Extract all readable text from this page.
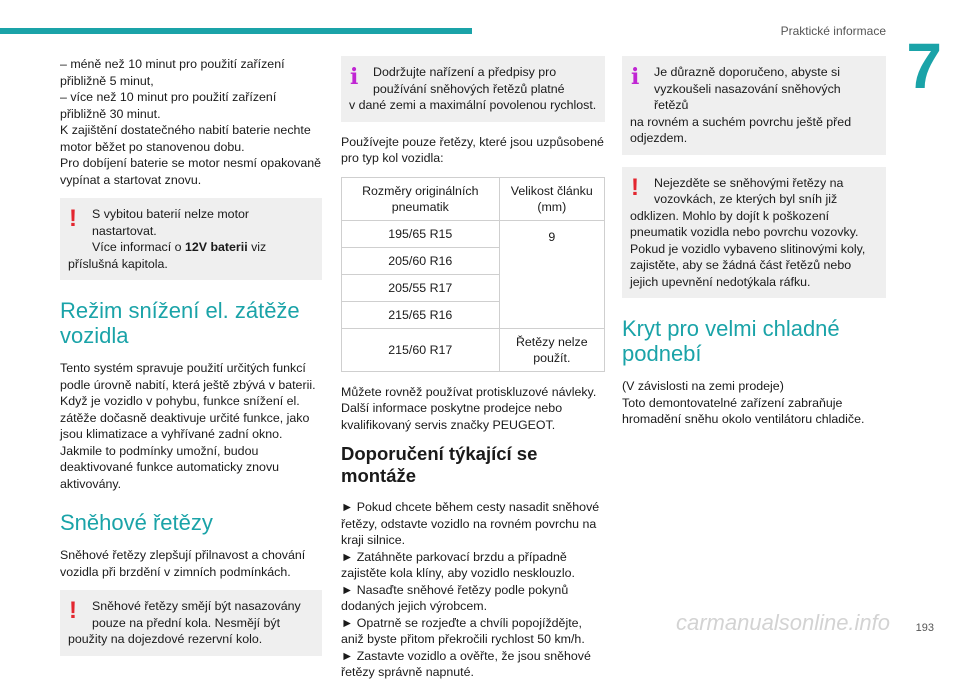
Praktické informace 7

– méně než 10 minut pro použití zařízení přibližně 5 minut,
– více než 10 minut pro použití zařízení přibližně 30 minut.
K zajištění dostatečného nabití baterie nechte motor běžet po stanovenou dobu.
Pro dobíjení baterie se motor nesmí opakovaně vypínat a startovat znovu.

!	S vybitou baterií nelze motor nastartovat.
Více informací o 12V baterii viz
příslušná kapitola.
Režim snížení el. zátěže vozidla

Tento systém spravuje použití určitých funkcí podle úrovně nabití, která ještě zbývá v baterii.
Když je vozidlo v pohybu, funkce snížení el. zátěže dočasně deaktivuje určité funkce, jako jsou klimatizace a vyhřívané zadní okno.
Jakmile to podmínky umožní, budou deaktivované funkce automaticky znovu aktivovány.

Sněhové řetězy

Sněhové řetězy zlepšují přilnavost a chování vozidla při brzdění v zimních podmínkách.

!	Sněhové řetězy smějí být nasazovány pouze na přední kola. Nesmějí být
použity na dojezdové rezervní kolo.
i	Dodržujte nařízení a předpisy pro používání sněhových řetězů platné
v dané zemi a maximální povolenou rychlost.

Používejte pouze řetězy, které jsou uzpůsobené pro typ kol vozidla:

Rozměry originálních pneumatik	Velikost článku (mm)
195/65 R15	9
205/60 R16	
205/55 R17	
215/65 R16	
215/60 R17	Řetězy nelze použít.

Můžete rovněž používat protiskluzové návleky.
Další informace poskytne prodejce nebo kvalifikovaný servis značky PEUGEOT.

Doporučení týkající se montáže

► Pokud chcete během cesty nasadit sněhové řetězy, odstavte vozidlo na rovném povrchu na kraji silnice.
► Zatáhněte parkovací brzdu a případně zajistěte kola klíny, aby vozidlo nesklouzlo.
► Nasaďte sněhové řetězy podle pokynů dodaných jejich výrobcem.
► Opatrně se rozjeďte a chvíli popojíždějte, aniž byste přitom překročili rychlost 50 km/h.
► Zastavte vozidlo a ověřte, že jsou sněhové řetězy správně napnuté.

i	Je důrazně doporučeno, abyste si vyzkoušeli nasazování sněhových řetězů
na rovném a suchém povrchu ještě před odjezdem.
!	Nejezděte se sněhovými řetězy na vozovkách, ze kterých byl sníh již
odklizen. Mohlo by dojít k poškození pneumatik vozidla nebo povrchu vozovky.
Pokud je vozidlo vybaveno slitinovými koly, zajistěte, aby se žádná část řetězů nebo jejich upevnění nedotýkala ráfku.
Kryt pro velmi chladné podnebí

(V závislosti na zemi prodeje)
Toto demontovatelné zařízení zabraňuje hromadění sněhu okolo ventilátoru chladiče.

carmanualsonline.info 193
